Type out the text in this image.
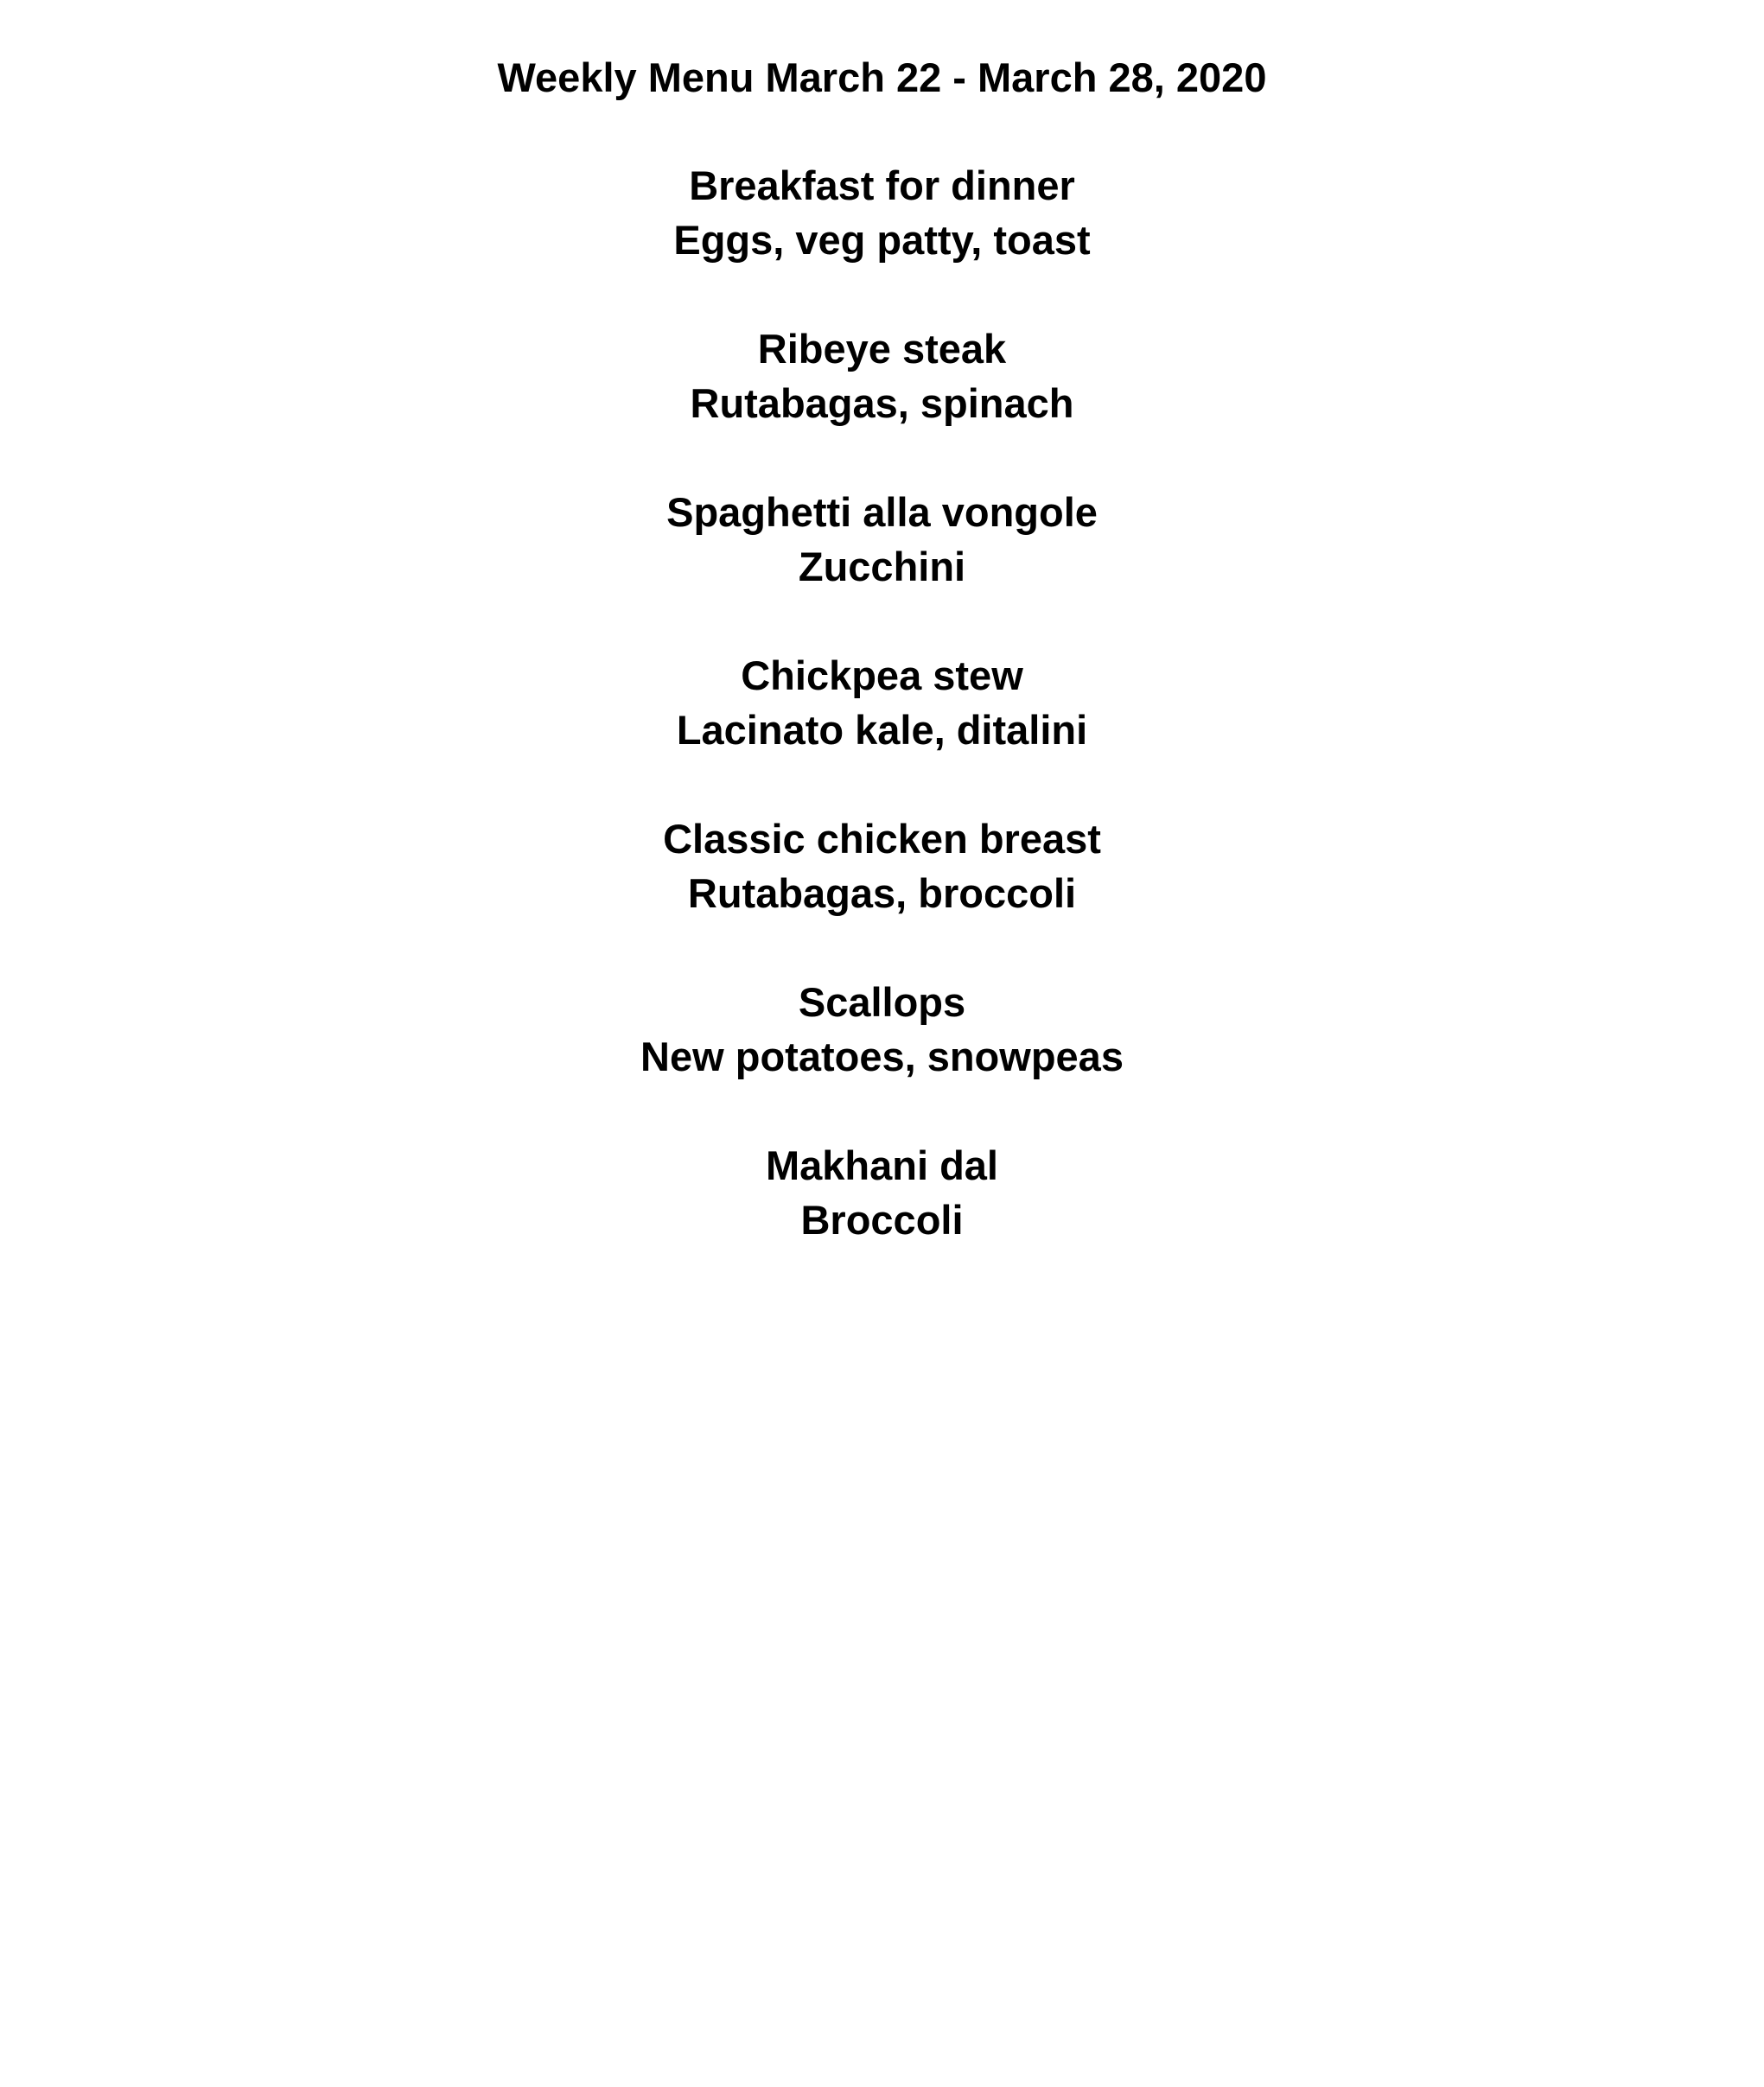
Weekly Menu March 22 - March 28, 2020
Breakfast for dinner
Eggs, veg patty, toast
Ribeye steak
Rutabagas, spinach
Spaghetti alla vongole
Zucchini
Chickpea stew
Lacinato kale, ditalini
Classic chicken breast
Rutabagas, broccoli
Scallops
New potatoes, snowpeas
Makhani dal
Broccoli
